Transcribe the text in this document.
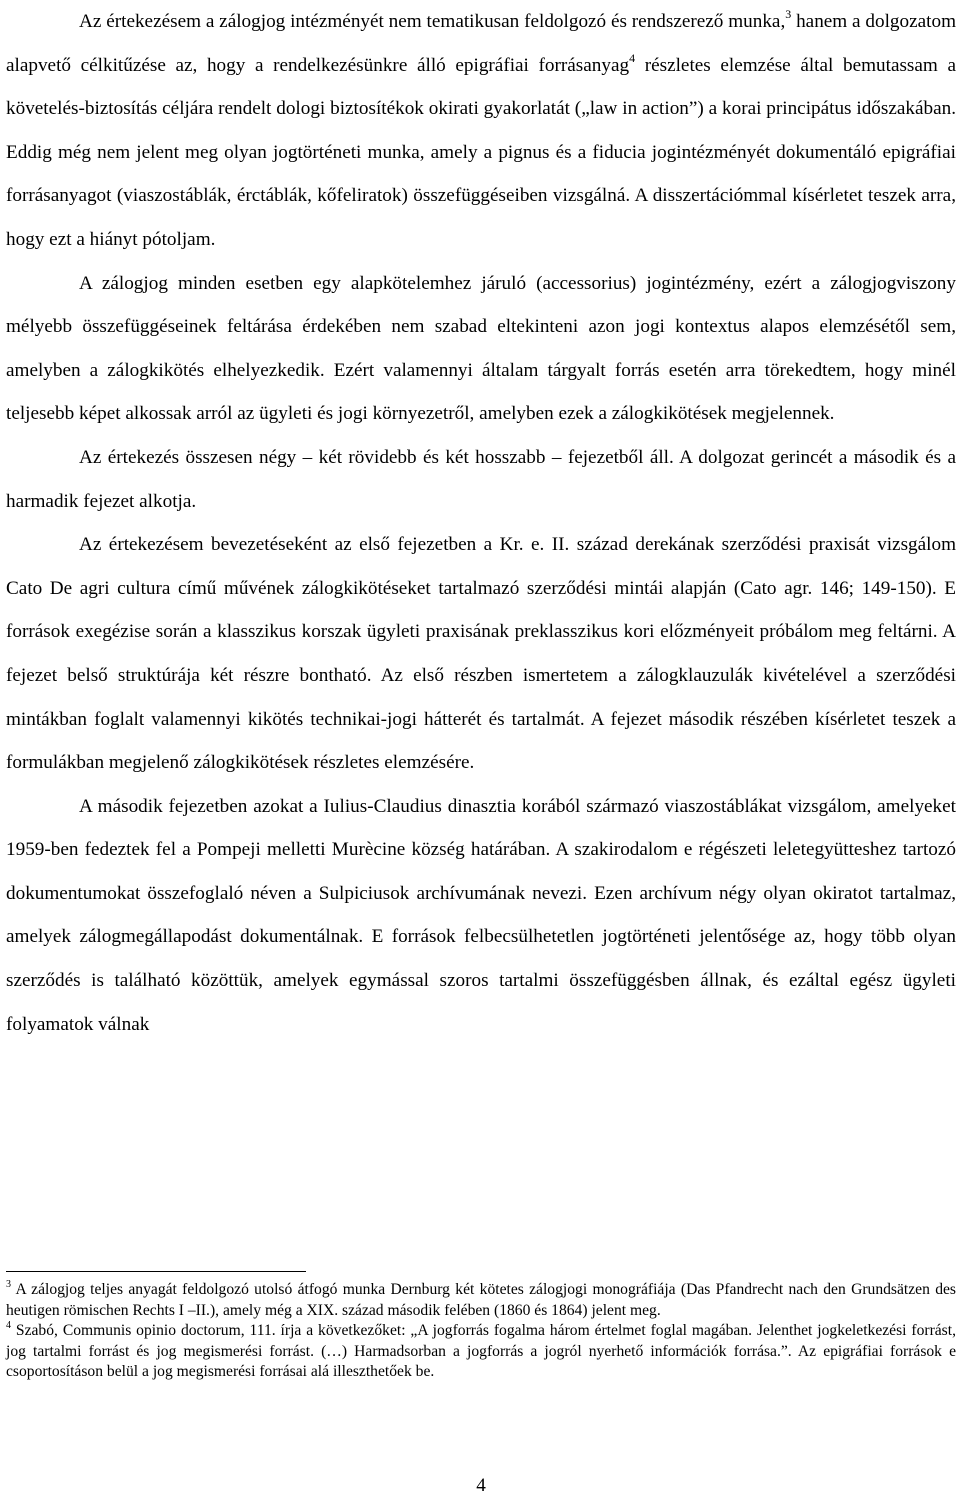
Az értekezésem a zálogjog intézményét nem tematikusan feldolgozó és rendszerező munka,$^3$ hanem a dolgozatom alapvető célkitűzése az, hogy a rendelkezésünkre álló epigráfiai forrásanyag$^4$ részletes elemzése által bemutassam a követelés-biztosítás céljára rendelt dologi biztosítékok okirati gyakorlatát („law in action”) a korai principátus időszakában. Eddig még nem jelent meg olyan jogtörténeti munka, amely a pignus és a fiducia jogintézményét dokumentáló epigráfiai forrásanyagot (viaszostáblák, érctáblák, kőfeliratok) összefüggéseiben vizsgálná. A disszertációmmal kísérletet teszek arra, hogy ezt a hiányt pótoljam.

A zálogjog minden esetben egy alapkötelemhez járuló (accessorius) jogintézmény, ezért a zálogjogviszony mélyebb összefüggéseinek feltárása érdekében nem szabad eltekinteni azon jogi kontextus alapos elemzésétől sem, amelyben a zálogkikötés elhelyezkedik. Ezért valamennyi általam tárgyalt forrás esetén arra törekedtem, hogy minél teljesebb képet alkossak arról az ügyleti és jogi környezetről, amelyben ezek a zálogkikötések megjelennek.

Az értekezés összesen négy – két rövidebb és két hosszabb – fejezetből áll. A dolgozat gerincét a második és a harmadik fejezet alkotja.

Az értekezésem bevezetéseként az első fejezetben a Kr. e. II. század derekának szerződési praxisát vizsgálom Cato De agri cultura című művének zálogkikötéseket tartalmazó szerződési mintái alapján (Cato agr. 146; 149-150). E források exegézise során a klasszikus korszak ügyleti praxisának preklasszikus kori előzményeit próbálom meg feltárni. A fejezet belső struktúrája két részre bontható. Az első részben ismertetem a zálogklauzulák kivételével a szerződési mintákban foglalt valamennyi kikötés technikai-jogi hátterét és tartalmát. A fejezet második részében kísérletet teszek a formulákban megjelenő zálogkikötések részletes elemzésére.

A második fejezetben azokat a Iulius-Claudius dinasztia korából származó viaszostáblákat vizsgálom, amelyeket 1959-ben fedeztek fel a Pompeji melletti Murècine község határában. A szakirodalom e régészeti leletegyütteshez tartozó dokumentumokat összefoglaló néven a Sulpiciusok archívumának nevezi. Ezen archívum négy olyan okiratot tartalmaz, amelyek zálogmegállapodást dokumentálnak. E források felbecsülhetetlen jogtörténeti jelentősége az, hogy több olyan szerződés is található közöttük, amelyek egymással szoros tartalmi összefüggésben állnak, és ezáltal egész ügyleti folyamatok válnak

$^3$ A zálogjog teljes anyagát feldolgozó utolsó átfogó munka Dernburg két kötetes zálogjogi monográfiája (Das Pfandrecht nach den Grundsätzen des heutigen römischen Rechts I –II.), amely még a XIX. század második felében (1860 és 1864) jelent meg.

$^4$ Szabó, Communis opinio doctorum, 111. írja a következőket: „A jogforrás fogalma három értelmet foglal magában. Jelenthet jogkeletkezési forrást, jog tartalmi forrást és jog megismerési forrást. (…) Harmadsorban a jogforrás a jogról nyerhető információk forrása.”. Az epigráfiai források e csoportosításon belül a jog megismerési forrásai alá illeszthetőek be.

4
